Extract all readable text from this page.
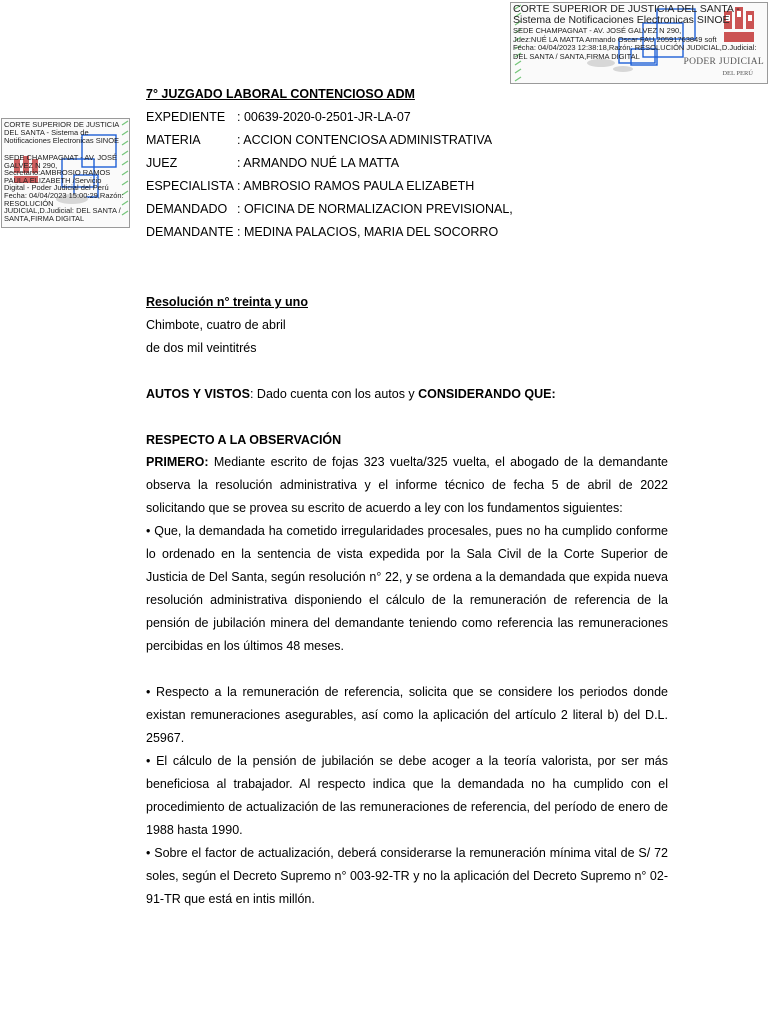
CORTE SUPERIOR DE JUSTICIA DEL SANTA -
Sistema de Notificaciones Electronicas SINOE
SEDE CHAMPAGNAT - AV. JOSÉ GALVEZ N 290,
Juez:NUÉ LA MATTA Armando Oscar FAU 20591763849 soft
Fecha: 04/04/2023 12:38:18,Razón: RESOLUCIÓN JUDICIAL,D.Judicial:
DEL SANTA / SANTA,FIRMA DIGITAL
PODER JUDICIAL
DEL PERÚ
CORTE SUPERIOR DE JUSTICIA
DEL SANTA - Sistema de
Notificaciones Electronicas SINOE
SEDE CHAMPAGNAT - AV. JOSÉ
GALVEZ N 290,
Secretario:AMBROSIO RAMOS
PAULA ELIZABETH /Servicio
Digital - Poder Judicial del Perú
Fecha: 04/04/2023 15:00:29,Razón:
RESOLUCIÓN
JUDICIAL,D.Judicial: DEL SANTA /
SANTA,FIRMA DIGITAL
7° JUZGADO LABORAL CONTENCIOSO ADM
EXPEDIENTE : 00639-2020-0-2501-JR-LA-07
MATERIA	: ACCION CONTENCIOSA ADMINISTRATIVA
JUEZ	: ARMANDO NUÉ LA MATTA
ESPECIALISTA : AMBROSIO RAMOS PAULA ELIZABETH
DEMANDADO : OFICINA DE NORMALIZACION PREVISIONAL,
DEMANDANTE : MEDINA PALACIOS, MARIA DEL SOCORRO
Resolución n° treinta y uno
Chimbote, cuatro de abril
de dos mil veintitrés
AUTOS Y VISTOS: Dado cuenta con los autos y CONSIDERANDO QUE:
RESPECTO A LA OBSERVACIÓN

PRIMERO: Mediante escrito de fojas 323 vuelta/325 vuelta, el abogado de la demandante observa la resolución administrativa y el informe técnico de fecha 5 de abril de 2022 solicitando que se provea su escrito de acuerdo a ley con los fundamentos siguientes:

• Que, la demandada ha cometido irregularidades procesales, pues no ha cumplido conforme lo ordenado en la sentencia de vista expedida por la Sala Civil de la Corte Superior de Justicia de Del Santa, según resolución n° 22, y se ordena a la demandada que expida nueva resolución administrativa disponiendo el cálculo de la remuneración de referencia de la pensión de jubilación minera del demandante teniendo como referencia las remuneraciones percibidas en los últimos 48 meses.

• Respecto a la remuneración de referencia, solicita que se considere los periodos donde existan remuneraciones asegurables, así como la aplicación del artículo 2 literal b) del D.L. 25967.

• El cálculo de la pensión de jubilación se debe acoger a la teoría valorista, por ser más beneficiosa al trabajador. Al respecto indica que la demandada no ha cumplido con el procedimiento de actualización de las remuneraciones de referencia, del período de enero de 1988 hasta 1990.

• Sobre el factor de actualización, deberá considerarse la remuneración mínima vital de S/ 72 soles, según el Decreto Supremo n° 003-92-TR y no la aplicación del Decreto Supremo n° 02-91-TR que está en intis millón.
